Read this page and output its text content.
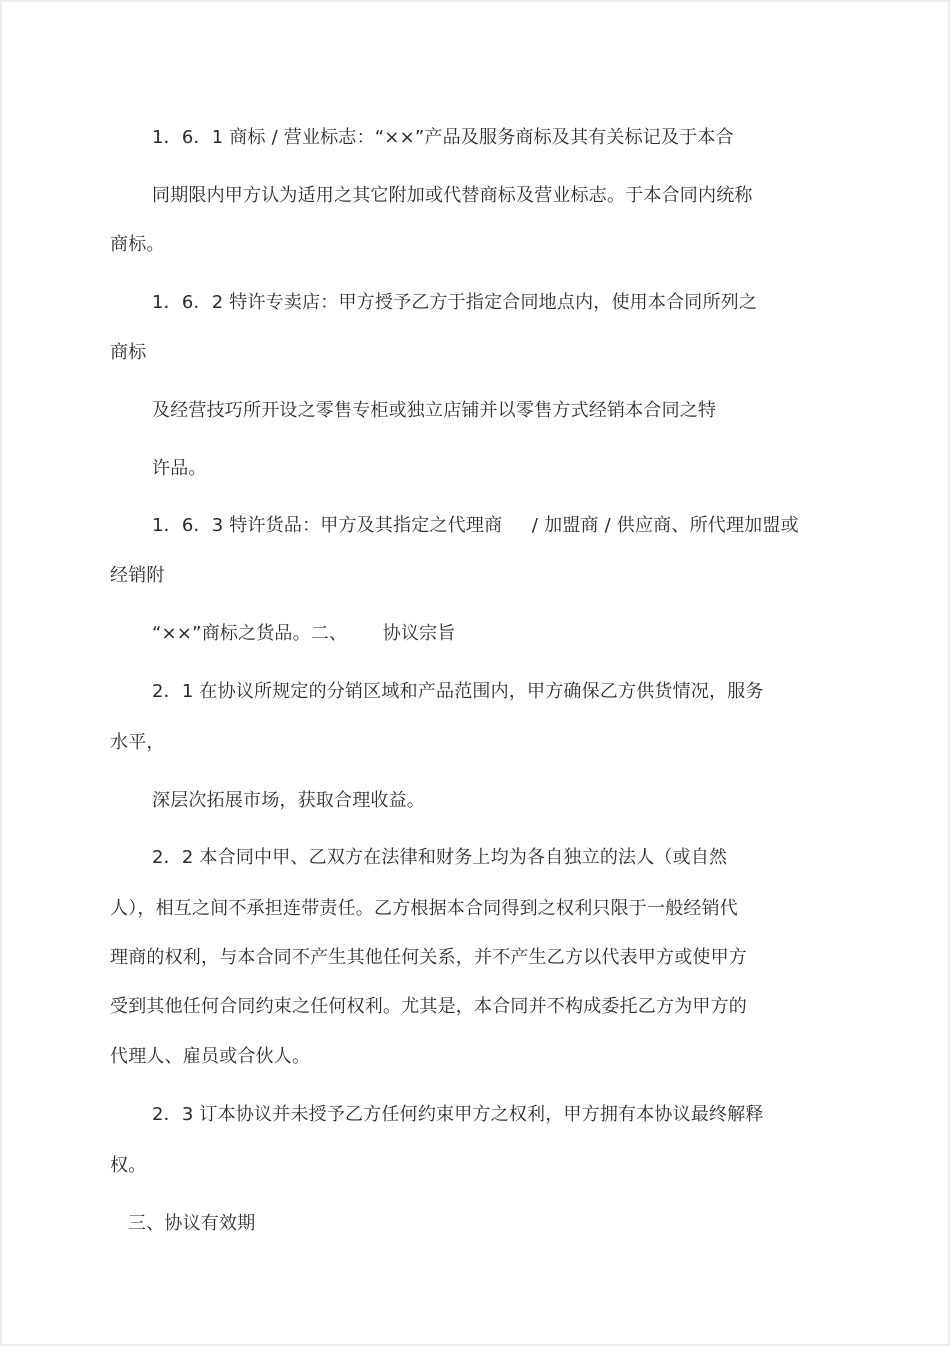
1．6．1 商标 / 营业标志：“××”产品及服务商标及其有关标记及于本合
同期限内甲方认为适用之其它附加或代替商标及营业标志。于本合同内统称
商标。
1．6．2 特许专卖店：甲方授予乙方于指定合同地点内，使用本合同所列之
商标
及经营技巧所开设之零售专柜或独立店铺并以零售方式经销本合同之特
许品。
1．6．3 特许货品：甲方及其指定之代理商     / 加盟商 / 供应商、所代理加盟或
经销附
“××”商标之货品。二、      协议宗旨
2．1 在协议所规定的分销区域和产品范围内，甲方确保乙方供货情况，服务
水平，
深层次拓展市场，获取合理收益。
2．2 本合同中甲、乙双方在法律和财务上均为各自独立的法人（或自然
人），相互之间不承担连带责任。乙方根据本合同得到之权利只限于一般经销代
理商的权利，与本合同不产生其他任何关系，并不产生乙方以代表甲方或使甲方
受到其他任何合同约束之任何权利。尤其是，本合同并不构成委托乙方为甲方的
代理人、雇员或合伙人。
2．3 订本协议并未授予乙方任何约束甲方之权利，甲方拥有本协议最终解释
权。
三、协议有效期
